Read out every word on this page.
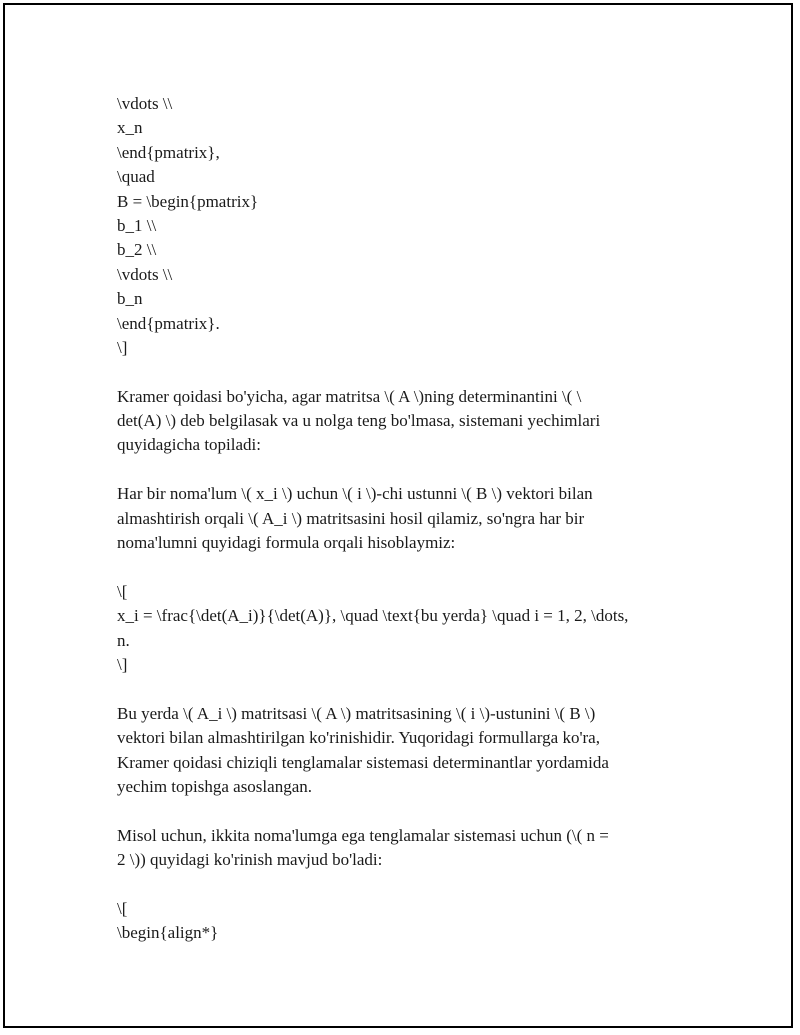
\vdots \\
x_n
\end{pmatrix},
\quad
B = \begin{pmatrix}
b_1 \\
b_2 \\
\vdots \\
b_n
\end{pmatrix}.
\]
Kramer qoidasi bo'yicha, agar matritsa \( A \)ning determinantini \( \
det(A) \) deb belgilasak va u nolga teng bo'lmasa, sistemani yechimlari
quyidagicha topiladi:
Har bir noma'lum \( x_i \) uchun \( i \)-chi ustunni \( B \) vektori bilan
almashtirish orqali \( A_i \) matritsasini hosil qilamiz, so'ngra har bir
noma'lumni quyidagi formula orqali hisoblaymiz:
\[
x_i = \frac{\det(A_i)}{\det(A)}, \quad \text{bu yerda} \quad i = 1, 2, \dots,
n.
\]
Bu yerda \( A_i \) matritsasi \( A \) matritsasining \( i \)-ustunini \( B \)
vektori bilan almashtirilgan ko'rinishidir. Yuqoridagi formullarga ko'ra,
Kramer qoidasi chiziqli tenglamalar sistemasi determinantlar yordamida
yechim topishga asoslangan.
Misol uchun, ikkita noma'lumga ega tenglamalar sistemasi uchun (\( n =
2 \)) quyidagi ko'rinish mavjud bo'ladi:
\[
\begin{align*}
